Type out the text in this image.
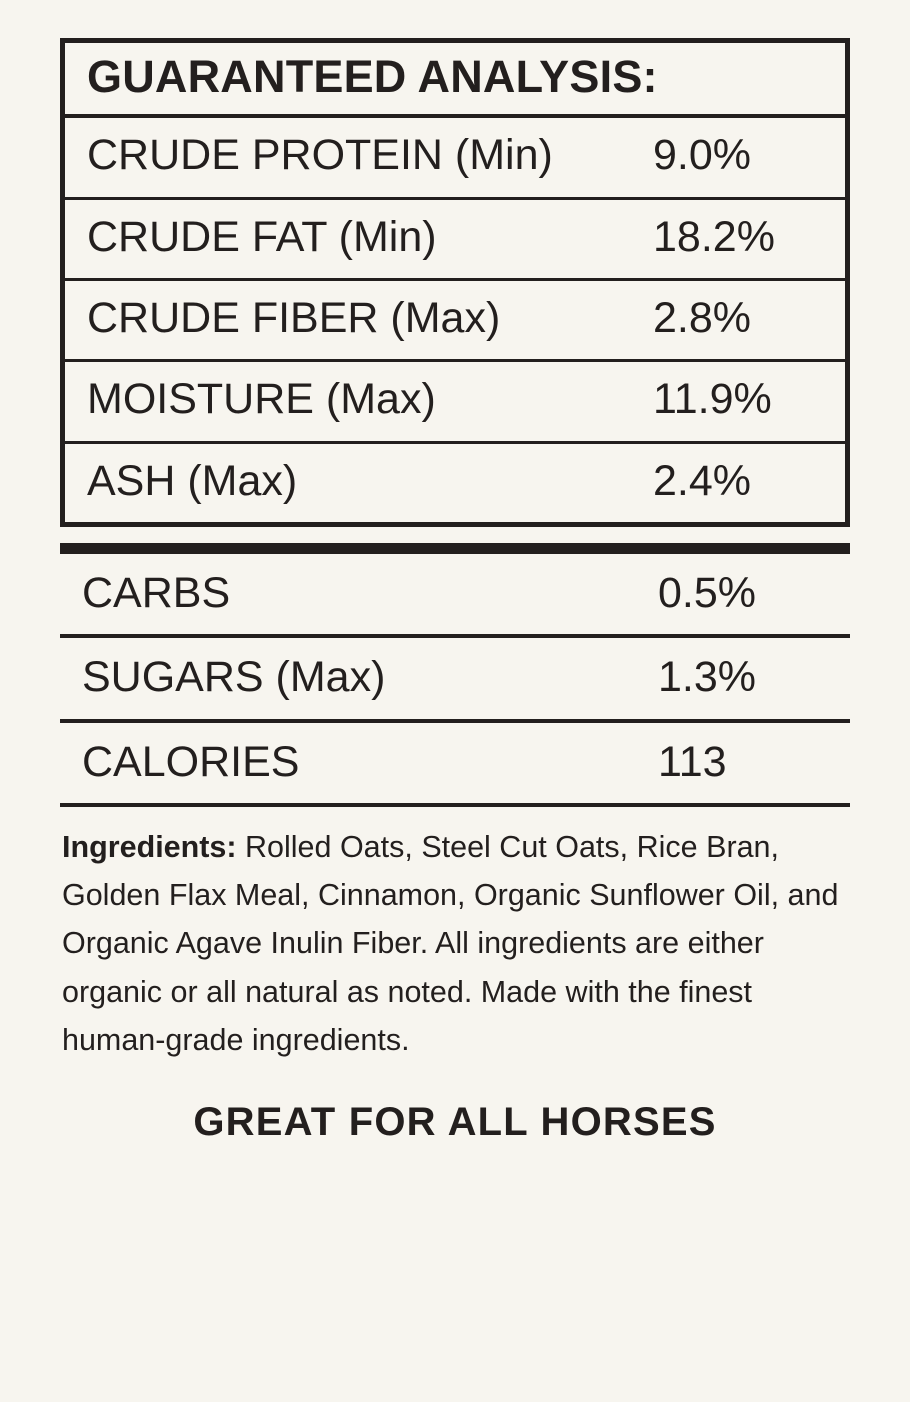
GUARANTEED ANALYSIS:
CRUDE PROTEIN (Min) 9.0%
CRUDE FAT (Min)	18.2%
CRUDE FIBER (Max)	2.8%
MOISTURE (Max)	11.9%
ASH (Max)	2.4%
CARBS	0.5%
SUGARS (Max)	1.3%
CALORIES	113
Ingredients: Rolled Oats, Steel Cut Oats, Rice Bran, Golden Flax Meal, Cinnamon, Organic Sunflower Oil, and Organic Agave Inulin Fiber. All ingredients are either organic or all natural as noted. Made with the finest human-grade ingredients.
GREAT FOR ALL HORSES
